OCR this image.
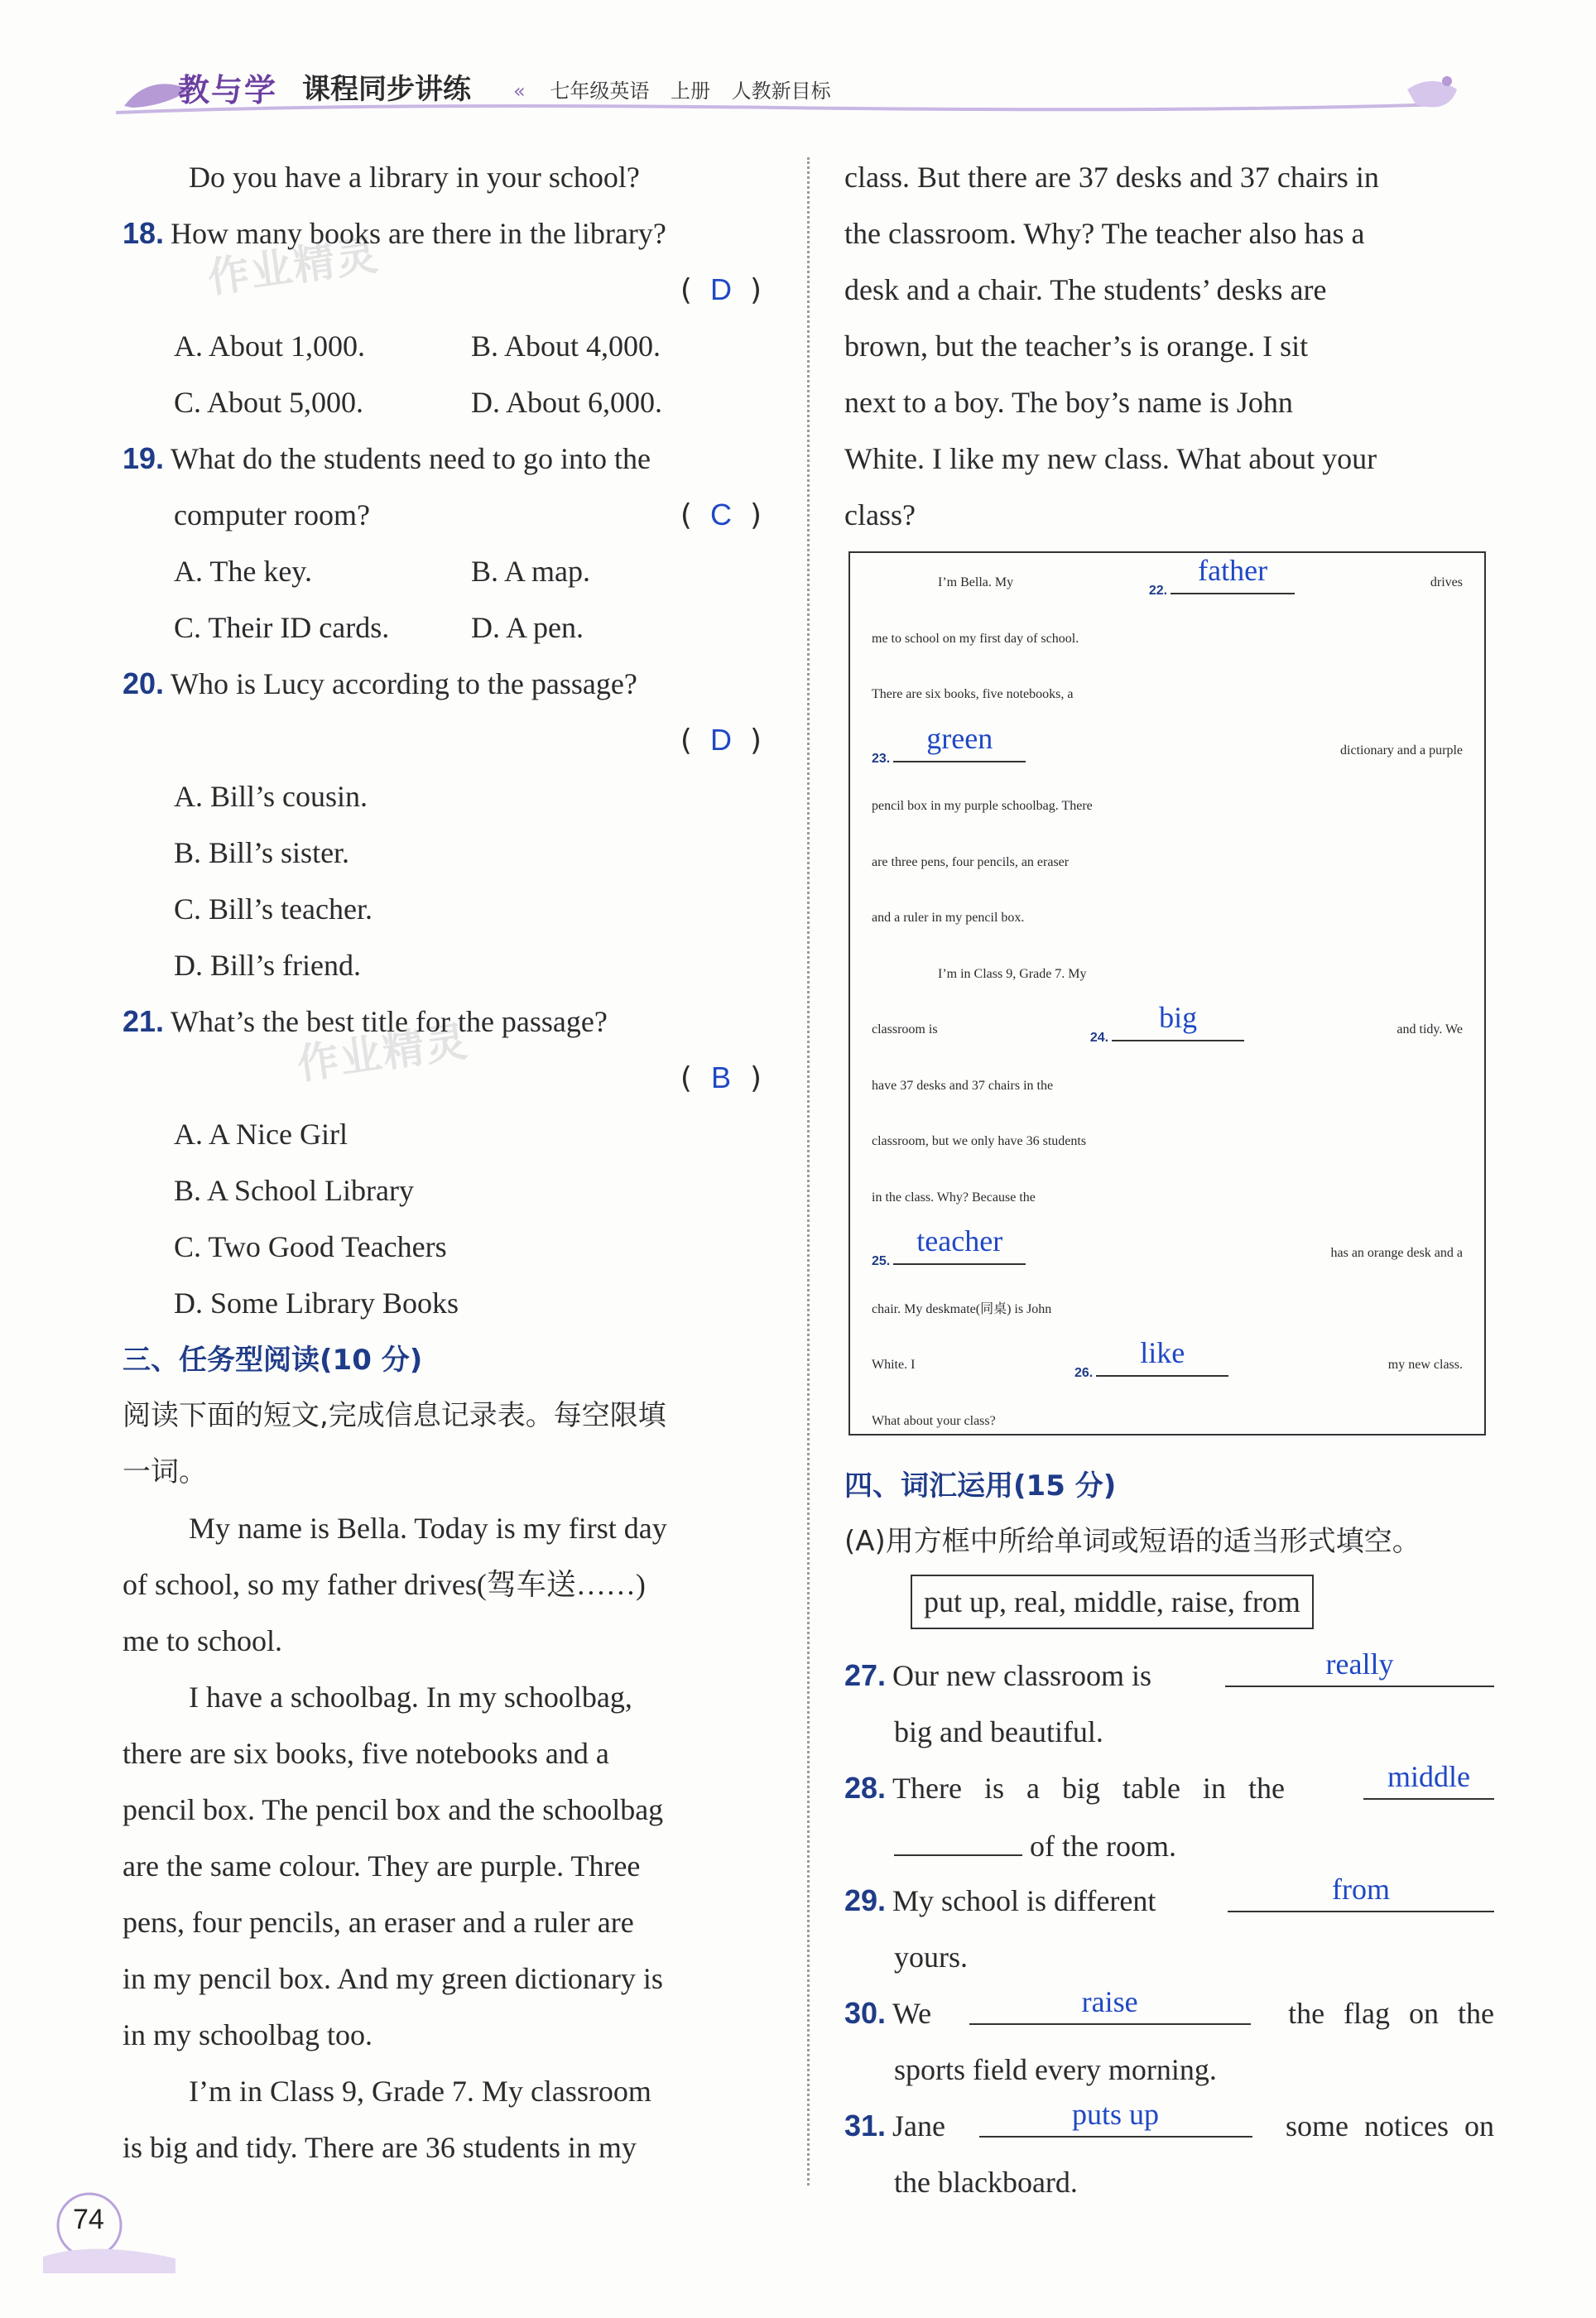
教与学 课程同步讲练 « 七年级英语 上册 人教新目标
作业精灵
作业精灵
Do you have a library in your school?
18. How many books are there in the library?
( D )
A. About 1,000.	B. About 4,000.
C. About 5,000.	D. About 6,000.
19. What do the students need to go into the
computer room?	( C )
A. The key.	B. A map.
C. Their ID cards.	D. A pen.
20. Who is Lucy according to the passage?
( D )
A. Bill’s cousin.
B. Bill’s sister.
C. Bill’s teacher.
D. Bill’s friend.
21. What’s the best title for the passage?
( B )
A. A Nice Girl
B. A School Library
C. Two Good Teachers
D. Some Library Books
三、任务型阅读(10 分)
阅读下面的短文,完成信息记录表。每空限填
一词。
My name is Bella. Today is my first day
of school, so my father drives(驾车送……)
me to school.
I have a schoolbag. In my schoolbag,
there are six books, five notebooks and a
pencil box. The pencil box and the schoolbag
are the same colour. They are purple. Three
pens, four pencils, an eraser and a ruler are
in my pencil box. And my green dictionary is
in my schoolbag too.
I’m in Class 9, Grade 7. My classroom
is big and tidy. There are 36 students in my
class. But there are 37 desks and 37 chairs in
the classroom. Why? The teacher also has a
desk and a chair. The students’ desks are
brown, but the teacher’s is orange. I sit
next to a boy. The boy’s name is John
White. I like my new class. What about your
class?
I’m Bella. My
22.
father	drives
me to school on my first day of school.
There are six books, five notebooks, a
23.
green	dictionary and a purple
pencil box in my purple schoolbag. There
are three pens, four pencils, an eraser
and a ruler in my pencil box.
I’m in Class 9, Grade 7. My
classroom is
24.
big	and tidy. We
have 37 desks and 37 chairs in the
classroom, but we only have 36 students
in the class. Why? Because the
25.
teacher	has an orange desk and a
chair. My deskmate(同桌) is John
White. I
26.
like	my new class.
What about your class?
四、词汇运用(15 分)
(A)用方框中所给单词或短语的适当形式填空。
put up, real, middle, raise, from
27. Our new classroom is	really
big and beautiful.
28. There is a big table in the	middle
of the room.
29. My school is different	from
yours.
30. We	raise	the flag on the
sports field every morning.
31. Jane	puts up	some notices on
the blackboard.
74
